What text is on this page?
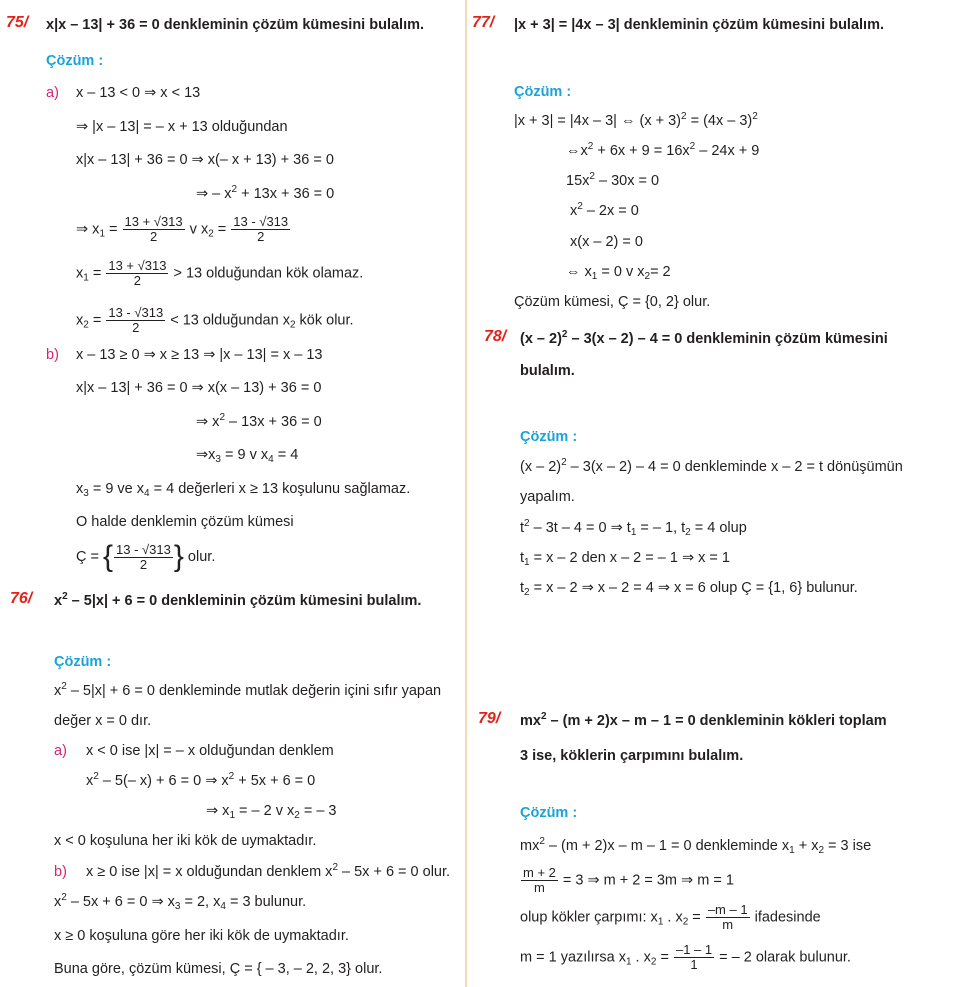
75/ x|x – 13| + 36 = 0 denkleminin çözüm kümesini bulalım.
Çözüm :
a) x – 13 < 0 ⇒ x < 13
⇒ |x – 13| = – x + 13 olduğundan
x|x – 13| + 36 = 0 ⇒ x(– x + 13) + 36 = 0
⇒ – $x^2 + 13x + 36 = 0$
⇒ $x_1 = \frac{13 + √313}{2}$ v $x_2 = \frac{13 - √313}{2}$
$x_1 = \frac{13 + √313}{2} > 13$ olduğundan kök olamaz.
$x_2 = \frac{13 - √313}{2} < 13$ olduğundan $x_2$ kök olur.
b) x – 13 ≥ 0 ⇒ x ≥ 13 ⇒ |x – 13| = x – 13
x|x – 13| + 36 = 0 ⇒ x(x – 13) + 36 = 0
⇒ $x^2 - 13x + 36 = 0$
$\Rightarrow x_3 = 9$ v $x_4 = 4$
$x_3 = 9$ ve $x_4 = 4$ değerleri x ≥ 13 koşulunu sağlamaz.
O halde denklemin çözüm kümesi
Ç = { $\frac{13 - √313}{2}$ } olur.
76/ $x^2 - 5|x| + 6 = 0$ denkleminin çözüm kümesini bulalım.
Çözüm :
$x^2 - 5|x| + 6 = 0$ denkleminde mutlak değerin içini sıfır yapan
değer x = 0 dır.
a) x < 0 ise |x| = – x olduğundan denklem
$x^2 - 5(-$ x) + 6 = 0 ⇒ $x^2 + 5x + 6 = 0$
⇒ $x_1$ = – 2 v $x_2$ = – 3
x < 0 koşuluna her iki kök de uymaktadır.
b) x ≥ 0 ise |x| = x olduğundan denklem $x^2 - 5x + 6 = 0$ olur.
$x^2 - 5x + 6 = 0$ ⇒ $x_3 = 2$, $x_4 = 3$ bulunur.
x ≥ 0 koşuluna göre her iki kök de uymaktadır.
Buna göre, çözüm kümesi, Ç = { – 3, – 2, 2, 3} olur.
77/ |x + 3| = |4x – 3| denkleminin çözüm kümesini bulalım.
Çözüm :
|x + 3| = |4x – 3| ⇔ $(x + 3)^2 = (4x - 3)^2$
$\Leftrightarrow x^2 + 6x + 9 = 16x^2 - 24x + 9$
$15x^2 - 30x = 0$
$x^2 - 2x = 0$
x(x – 2) = 0
⇔ $x_1 = 0$ v $x_2= 2$
Çözüm kümesi, Ç = {0, 2} olur.
78/ (x – 2)$^2$ – 3(x – 2) – 4 = 0 denkleminin çözüm kümesini
bulalım.
Çözüm :
(x – 2)$^2$ – 3(x – 2) – 4 = 0 denkleminde x – 2 = t dönüşümün
yapalım.
$t^2 - 3t - 4 = 0$ ⇒ $t_1$ = – 1, $t_2 = 4$ olup
$t_1 = x - 2$ den x – 2 = – 1 ⇒ x = 1
$t_2 = x - 2$ ⇒ x – 2 = 4 ⇒ x = 6 olup Ç = {1, 6} bulunur.
79/ $mx^2 - (m + 2)x - m - 1 = 0$ denkleminin kökleri toplam
3 ise, köklerin çarpımını bulalım.
Çözüm :
$mx^2 - (m + 2)x - m - 1 = 0$ denkleminde $x_1 + x_2 = 3$ ise
$\frac{m + 2}{m} = 3$ ⇒ m + 2 = 3m ⇒ m = 1
olup kökler çarpımı: $x_1$ . $x_2 = \frac{-m - 1}{m}$ ifadesinde
m = 1 yazılırsa $x_1$ . $x_2 = \frac{-1 - 1}{1}$ = – 2 olarak bulunur.
